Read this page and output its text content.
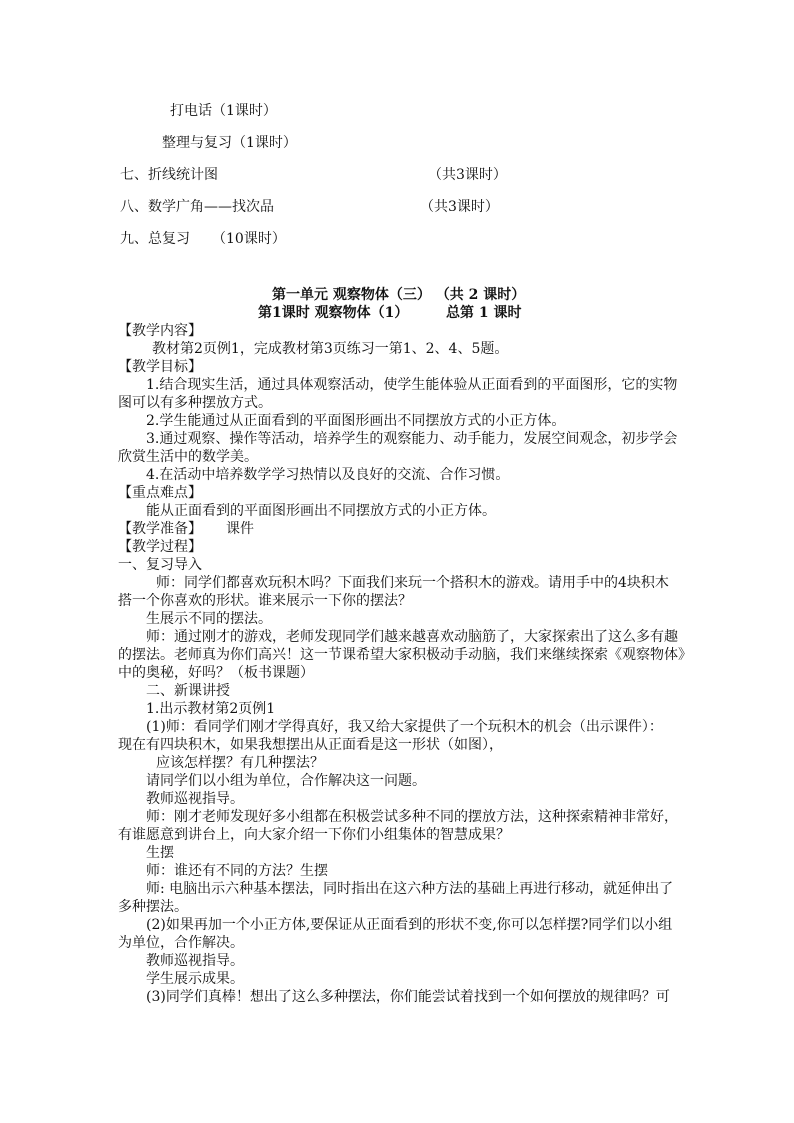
打电话（1课时）
整理与复习（1课时）
七、折线统计图	（共3课时）
八、数学广角——找次品	（共3课时）
九、总复习 （10课时）
第一单元 观察物体（三） （共 2 课时）
第1课时 观察物体（1）	总第 1 课时
【教学内容】
教材第2页例1，完成教材第3页练习一第1、2、4、5题。
【教学目标】
1.结合现实生活，通过具体观察活动，使学生能体验从正面看到的平面图形，它的实物
图可以有多种摆放方式。
2.学生能通过从正面看到的平面图形画出不同摆放方式的小正方体。
3.通过观察、操作等活动，培养学生的观察能力、动手能力，发展空间观念，初步学会
欣赏生活中的数学美。
4.在活动中培养数学学习热情以及良好的交流、合作习惯。
【重点难点】
能从正面看到的平面图形画出不同摆放方式的小正方体。
【教学准备】 课件
【教学过程】
一、复习导入
师：同学们都喜欢玩积木吗？下面我们来玩一个搭积木的游戏。请用手中的4块积木
搭一个你喜欢的形状。谁来展示一下你的摆法？
生展示不同的摆法。
师：通过刚才的游戏，老师发现同学们越来越喜欢动脑筋了，大家探索出了这么多有趣
的摆法。老师真为你们高兴！这一节课希望大家积极动手动脑，我们来继续探索《观察物体》
中的奥秘，好吗？（板书课题）
二、新课讲授
1.出示教材第2页例1
(1)师：看同学们刚才学得真好，我又给大家提供了一个玩积木的机会（出示课件）：
现在有四块积木，如果我想摆出从正面看是这一形状（如图），
应该怎样摆？有几种摆法？
请同学们以小组为单位，合作解决这一问题。
教师巡视指导。
师：刚才老师发现好多小组都在积极尝试多种不同的摆放方法，这种探索精神非常好，
有谁愿意到讲台上，向大家介绍一下你们小组集体的智慧成果？
生摆
师：谁还有不同的方法？生摆
师: 电脑出示六种基本摆法，同时指出在这六种方法的基础上再进行移动，就延伸出了
多种摆法。
(2)如果再加一个小正方体,要保证从正面看到的形状不变,你可以怎样摆?同学们以小组
为单位，合作解决。
教师巡视指导。
学生展示成果。
(3)同学们真棒！想出了这么多种摆法，你们能尝试着找到一个如何摆放的规律吗？可
